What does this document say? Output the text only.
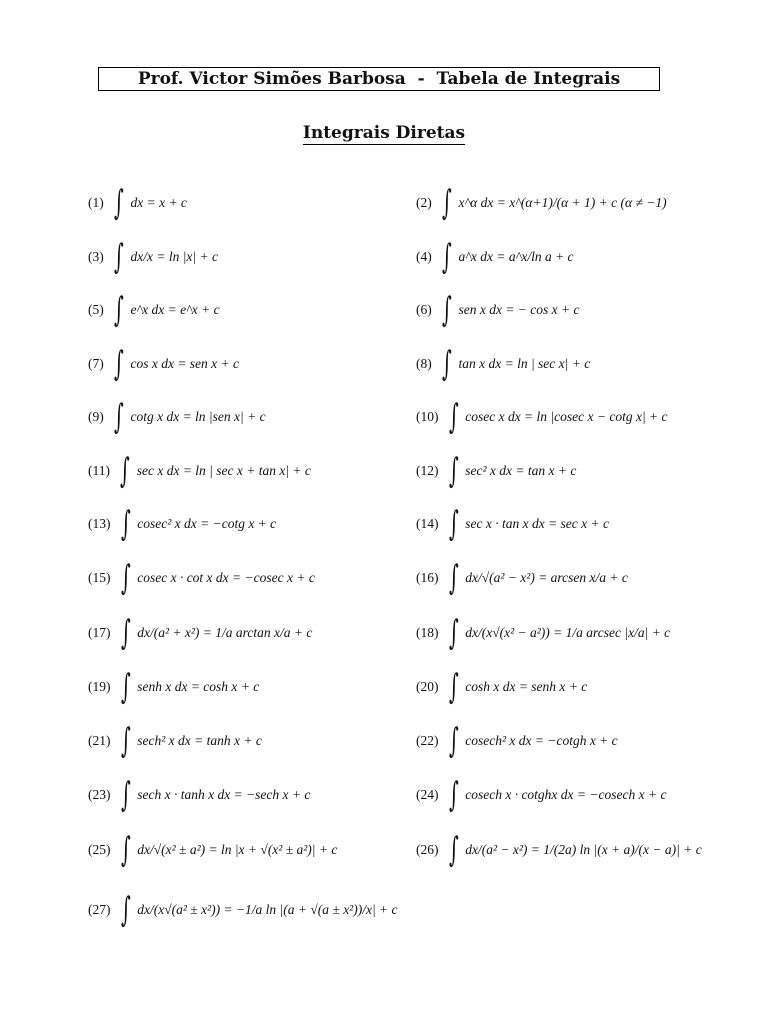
Prof. Victor Simões Barbosa - Tabela de Integrais
Integrais Diretas
(1) ∫ dx = x + c	(2) ∫ x^α dx = x^(α+1)/(α + 1) + c (α ≠ −1)
(3) ∫ dx/x = ln |x| + c	(4) ∫ a^x dx = a^x/ln a + c
(5) ∫ e^x dx = e^x + c	(6) ∫ sen x dx = − cos x + c
(7) ∫ cos x dx = sen x + c	(8) ∫ tan x dx = ln | sec x| + c
(9) ∫ cotg x dx = ln |sen x| + c	(10) ∫ cosec x dx = ln |cosec x − cotg x| + c
(11) ∫ sec x dx = ln | sec x + tan x| + c	(12) ∫ sec² x dx = tan x + c
(13) ∫ cosec² x dx = −cotg x + c	(14) ∫ sec x · tan x dx = sec x + c
(15) ∫ cosec x · cot x dx = −cosec x + c	(16) ∫ dx/√(a² − x²) = arcsen x/a + c
(17) ∫ dx/(a² + x²) = 1/a arctan x/a + c	(18) ∫ dx/(x√(x² − a²)) = 1/a arcsec |x/a| + c
(19) ∫ senh x dx = cosh x + c	(20) ∫ cosh x dx = senh x + c
(21) ∫ sech² x dx = tanh x + c	(22) ∫ cosech² x dx = −cotgh x + c
(23) ∫ sech x · tanh x dx = −sech x + c	(24) ∫ cosech x · cotghx dx = −cosech x + c
(25) ∫ dx/√(x² ± a²) = ln |x + √(x² ± a²)| + c	(26) ∫ dx/(a² − x²) = 1/(2a) ln |(x + a)/(x − a)| + c
(27) ∫ dx/(x√(a² ± x²)) = −1/a ln |(a + √(a ± x²))/x| + c
